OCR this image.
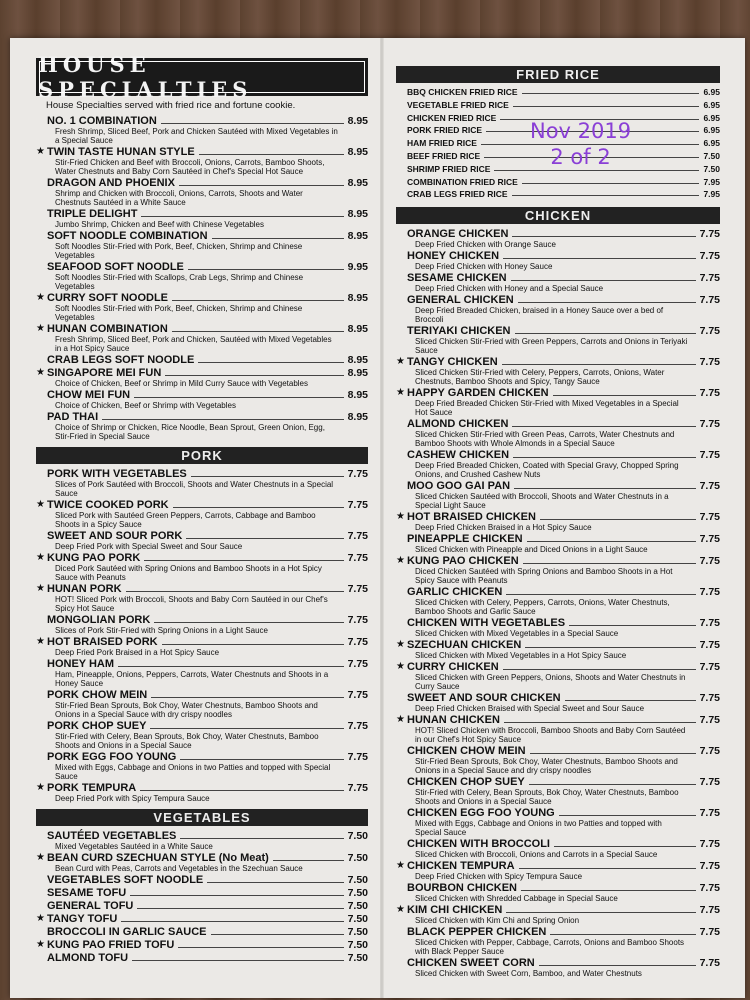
HOUSE SPECIALTIES
House Specialties served with fried rice and fortune cookie.
NO. 1 COMBINATION	8.95
Fresh Shrimp, Sliced Beef, Pork and Chicken Sautéed with Mixed Vegetables in a Special Sauce
★ TWIN TASTE HUNAN STYLE	8.95
Stir-Fried Chicken and Beef with Broccoli, Onions, Carrots, Bamboo Shoots, Water Chestnuts and Baby Corn Sautéed in Chef's Special Hot Sauce
DRAGON AND PHOENIX	8.95
Shrimp and Chicken with Broccoli, Onions, Carrots, Shoots and Water Chestnuts Sautéed in a White Sauce
TRIPLE DELIGHT	8.95
Jumbo Shrimp, Chicken and Beef with Chinese Vegetables
SOFT NOODLE COMBINATION	8.95
Soft Noodles Stir-Fried with Pork, Beef, Chicken, Shrimp and Chinese Vegetables
SEAFOOD SOFT NOODLE	9.95
Soft Noodles Stir-Fried with Scallops, Crab Legs, Shrimp and Chinese Vegetables
★ CURRY SOFT NOODLE	8.95
Soft Noodles Stir-Fried with Pork, Beef, Chicken, Shrimp and Chinese Vegetables
★ HUNAN COMBINATION	8.95
Fresh Shrimp, Sliced Beef, Pork and Chicken, Sautéed with Mixed Vegetables in a Hot Spicy Sauce
CRAB LEGS SOFT NOODLE	8.95
★ SINGAPORE MEI FUN	8.95
Choice of Chicken, Beef or Shrimp in Mild Curry Sauce with Vegetables
CHOW MEI FUN	8.95
Choice of Chicken, Beef or Shrimp with Vegetables
PAD THAI	8.95
Choice of Shrimp or Chicken, Rice Noodle, Bean Sprout, Green Onion, Egg, Stir-Fried in Special Sauce
PORK
PORK WITH VEGETABLES	7.75
Slices of Pork Sautéed with Broccoli, Shoots and Water Chestnuts in a Special Sauce
★ TWICE COOKED PORK	7.75
Sliced Pork with Sautéed Green Peppers, Carrots, Cabbage and Bamboo Shoots in a Spicy Sauce
SWEET AND SOUR PORK	7.75
Deep Fried Pork with Special Sweet and Sour Sauce
★ KUNG PAO PORK	7.75
Diced Pork Sautéed with Spring Onions and Bamboo Shoots in a Hot Spicy Sauce with Peanuts
★ HUNAN PORK	7.75
HOT! Sliced Pork with Broccoli, Shoots and Baby Corn Sautéed in our Chef's Spicy Hot Sauce
MONGOLIAN PORK	7.75
Slices of Pork Stir-Fried with Spring Onions in a Light Sauce
★ HOT BRAISED PORK	7.75
Deep Fried Pork Braised in a Hot Spicy Sauce
HONEY HAM	7.75
Ham, Pineapple, Onions, Peppers, Carrots, Water Chestnuts and Shoots in a Honey Sauce
PORK CHOW MEIN	7.75
Stir-Fried Bean Sprouts, Bok Choy, Water Chestnuts, Bamboo Shoots and Onions in a Special Sauce with dry crispy noodles
PORK CHOP SUEY	7.75
Stir-Fried with Celery, Bean Sprouts, Bok Choy, Water Chestnuts, Bamboo Shoots and Onions in a Special Sauce
PORK EGG FOO YOUNG	7.75
Mixed with Eggs, Cabbage and Onions in two Patties and topped with Special Sauce
★ PORK TEMPURA	7.75
Deep Fried Pork with Spicy Tempura Sauce
VEGETABLES
SAUTÉED VEGETABLES	7.50
Mixed Vegetables Sautéed in a White Sauce
★ BEAN CURD SZECHUAN STYLE (No Meat)	7.50
Bean Curd with Peas, Carrots and Vegetables in the Szechuan Sauce
VEGETABLES SOFT NOODLE	7.50
SESAME TOFU	7.50
GENERAL TOFU	7.50
★ TANGY TOFU	7.50
BROCCOLI IN GARLIC SAUCE	7.50
★ KUNG PAO FRIED TOFU	7.50
ALMOND TOFU	7.50
FRIED RICE
BBQ CHICKEN FRIED RICE	6.95
VEGETABLE FRIED RICE	6.95
CHICKEN FRIED RICE	6.95
PORK FRIED RICE	6.95
HAM FRIED RICE	6.95
BEEF FRIED RICE	7.50
SHRIMP FRIED RICE	7.50
COMBINATION FRIED RICE	7.95
CRAB LEGS FRIED RICE	7.95
CHICKEN
ORANGE CHICKEN	7.75
Deep Fried Chicken with Orange Sauce
HONEY CHICKEN	7.75
Deep Fried Chicken with Honey Sauce
SESAME CHICKEN	7.75
Deep Fried Chicken with Honey and a Special Sauce
GENERAL CHICKEN	7.75
Deep Fried Breaded Chicken, braised in a Honey Sauce over a bed of Broccoli
TERIYAKI CHICKEN	7.75
Sliced Chicken Stir-Fried with Green Peppers, Carrots and Onions in Teriyaki Sauce
★ TANGY CHICKEN	7.75
Sliced Chicken Stir-Fried with Celery, Peppers, Carrots, Onions, Water Chestnuts, Bamboo Shoots and Spicy, Tangy Sauce
★ HAPPY GARDEN CHICKEN	7.75
Deep Fried Breaded Chicken Stir-Fried with Mixed Vegetables in a Special Hot Sauce
ALMOND CHICKEN	7.75
Sliced Chicken Stir-Fried with Green Peas, Carrots, Water Chestnuts and Bamboo Shoots with Whole Almonds in a Special Sauce
CASHEW CHICKEN	7.75
Deep Fried Breaded Chicken, Coated with Special Gravy, Chopped Spring Onions, and Crushed Cashew Nuts
MOO GOO GAI PAN	7.75
Sliced Chicken Sautéed with Broccoli, Shoots and Water Chestnuts in a Special Light Sauce
★ HOT BRAISED CHICKEN	7.75
Deep Fried Chicken Braised in a Hot Spicy Sauce
PINEAPPLE CHICKEN	7.75
Sliced Chicken with Pineapple and Diced Onions in a Light Sauce
★ KUNG PAO CHICKEN	7.75
Diced Chicken Sautéed with Spring Onions and Bamboo Shoots in a Hot Spicy Sauce with Peanuts
GARLIC CHICKEN	7.75
Sliced Chicken with Celery, Peppers, Carrots, Onions, Water Chestnuts, Bamboo Shoots and Garlic Sauce
CHICKEN WITH VEGETABLES	7.75
Sliced Chicken with Mixed Vegetables in a Special Sauce
★ SZECHUAN CHICKEN	7.75
Sliced Chicken with Mixed Vegetables in a Hot Spicy Sauce
★ CURRY CHICKEN	7.75
Sliced Chicken with Green Peppers, Onions, Shoots and Water Chestnuts in Curry Sauce
SWEET AND SOUR CHICKEN	7.75
Deep Fried Chicken Braised with Special Sweet and Sour Sauce
★ HUNAN CHICKEN	7.75
HOT! Sliced Chicken with Broccoli, Bamboo Shoots and Baby Corn Sautéed in our Chef's Hot Spicy Sauce
CHICKEN CHOW MEIN	7.75
Stir-Fried Bean Sprouts, Bok Choy, Water Chestnuts, Bamboo Shoots and Onions in a Special Sauce and dry crispy noodles
CHICKEN CHOP SUEY	7.75
Stir-Fried with Celery, Bean Sprouts, Bok Choy, Water Chestnuts, Bamboo Shoots and Onions in a Special Sauce
CHICKEN EGG FOO YOUNG	7.75
Mixed with Eggs, Cabbage and Onions in two Patties and topped with Special Sauce
CHICKEN WITH BROCCOLI	7.75
Sliced Chicken with Broccoli, Onions and Carrots in a Special Sauce
★ CHICKEN TEMPURA	7.75
Deep Fried Chicken with Spicy Tempura Sauce
BOURBON CHICKEN	7.75
Sliced Chicken with Shredded Cabbage in Special Sauce
★ KIM CHI CHICKEN	7.75
Sliced Chicken with Kim Chi and Spring Onion
BLACK PEPPER CHICKEN	7.75
Sliced Chicken with Pepper, Cabbage, Carrots, Onions and Bamboo Shoots with Black Pepper Sauce
CHICKEN SWEET CORN	7.75
Sliced Chicken with Sweet Corn, Bamboo, and Water Chestnuts
Nov 2019
2 of 2
